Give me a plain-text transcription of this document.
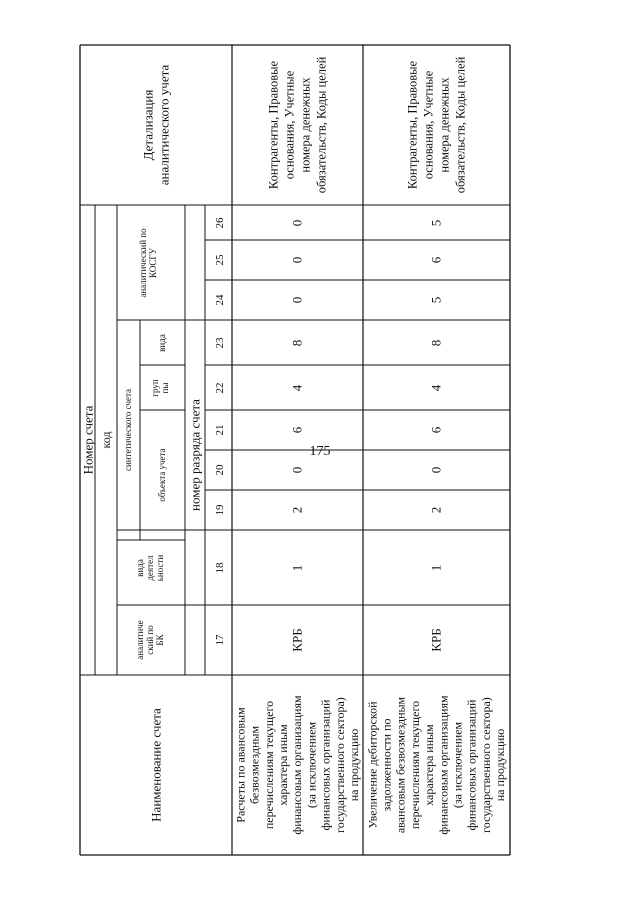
175
Наименование счета
Номер счета код
аналитический поБК
видадеятельности
синтетического счета
объекта учета
группы
вида
аналитический поКОСГУ
номер разряда счета
Детализацияаналитического учета
17
18
19
20
21
22
23
24
25
26
Расчеты по авансовымбезвозмезднымперечислениям текущегохарактера инымфинансовым организациям(за исключениемфинансовых организацийгосударственного сектора)на продукцию
КРБ
1
2
0
6
4
8
0
0
0
Контрагенты, Правовые основания, Учетные номера денежных обязательств, Коды целей
Увеличение дебиторскойзадолженности поавансовым безвозмезднымперечислениям текущегохарактера инымфинансовым организациям(за исключениемфинансовых организацийгосударственного сектора)на продукцию
КРБ
1
2
0
6
4
8
5
6
5
Контрагенты, Правовые основания, Учетные номера денежных обязательств, Коды целей
